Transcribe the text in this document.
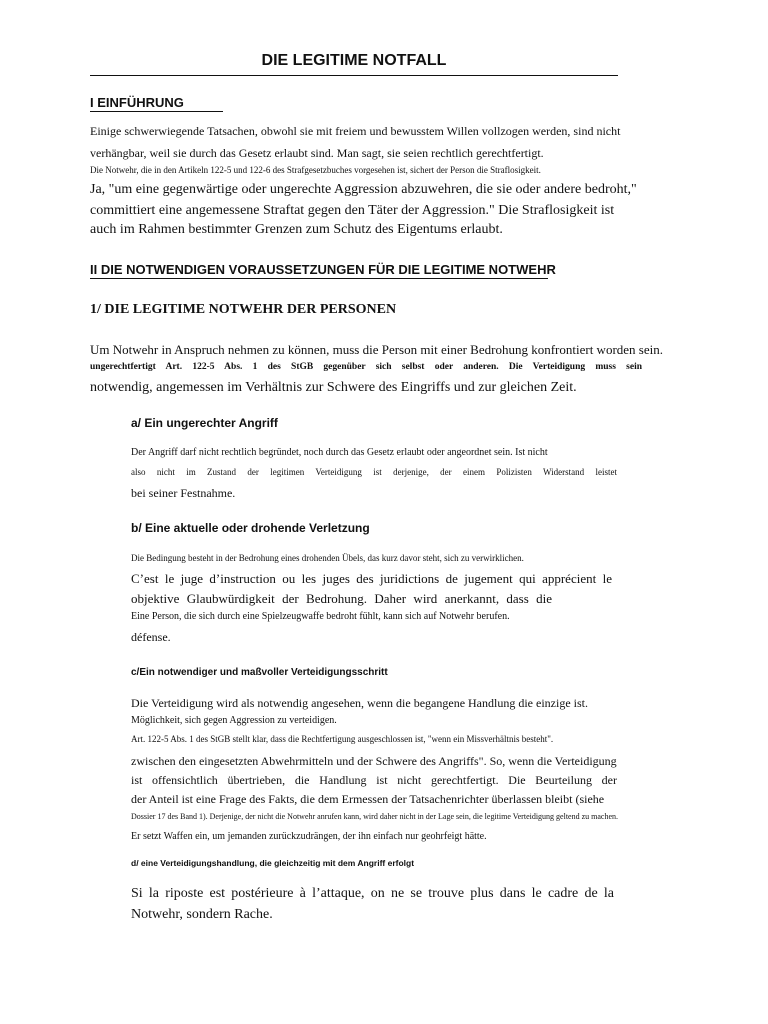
DIE LEGITIME NOTFALL
I EINFÜHRUNG
Einige schwerwiegende Tatsachen, obwohl sie mit freiem und bewusstem Willen vollzogen werden, sind nicht
verhängbar, weil sie durch das Gesetz erlaubt sind. Man sagt, sie seien rechtlich gerechtfertigt.
Die Notwehr, die in den Artikeln 122-5 und 122-6 des Strafgesetzbuches vorgesehen ist, sichert der Person die Straflosigkeit.
Ja, "um eine gegenwärtige oder ungerechte Aggression abzuwehren, die sie oder andere bedroht,"
committiert eine angemessene Straftat gegen den Täter der Aggression." Die Straflosigkeit ist
auch im Rahmen bestimmter Grenzen zum Schutz des Eigentums erlaubt.
II DIE NOTWENDIGEN VORAUSSETZUNGEN FÜR DIE LEGITIME NOTWEHR
1/ DIE LEGITIME NOTWEHR DER PERSONEN
Um Notwehr in Anspruch nehmen zu können, muss die Person mit einer Bedrohung konfrontiert worden sein.
ungerechtfertigt Art. 122-5 Abs. 1 des StGB gegenüber sich selbst oder anderen. Die Verteidigung muss sein
notwendig, angemessen im Verhältnis zur Schwere des Eingriffs und zur gleichen Zeit.
a/ Ein ungerechter Angriff
Der Angriff darf nicht rechtlich begründet, noch durch das Gesetz erlaubt oder angeordnet sein. Ist nicht
also nicht im Zustand der legitimen Verteidigung ist derjenige, der einem Polizisten Widerstand leistet
bei seiner Festnahme.
b/ Eine aktuelle oder drohende Verletzung
Die Bedingung besteht in der Bedrohung eines drohenden Übels, das kurz davor steht, sich zu verwirklichen.
C’est le juge d’instruction ou les juges des juridictions de jugement qui apprécient le
objektive Glaubwürdigkeit der Bedrohung. Daher wird anerkannt, dass die
Eine Person, die sich durch eine Spielzeugwaffe bedroht fühlt, kann sich auf Notwehr berufen.
défense.
c/Ein notwendiger und maßvoller Verteidigungsschritt
Die Verteidigung wird als notwendig angesehen, wenn die begangene Handlung die einzige ist.
Möglichkeit, sich gegen Aggression zu verteidigen.
Art. 122-5 Abs. 1 des StGB stellt klar, dass die Rechtfertigung ausgeschlossen ist, "wenn ein Missverhältnis besteht".
zwischen den eingesetzten Abwehrmitteln und der Schwere des Angriffs". So, wenn die Verteidigung
ist offensichtlich übertrieben, die Handlung ist nicht gerechtfertigt. Die Beurteilung der
der Anteil ist eine Frage des Fakts, die dem Ermessen der Tatsachenrichter überlassen bleibt (siehe
Dossier 17 des Band 1). Derjenige, der nicht die Notwehr anrufen kann, wird daher nicht in der Lage sein, die legitime Verteidigung geltend zu machen.
Er setzt Waffen ein, um jemanden zurückzudrängen, der ihn einfach nur geohrfeigt hätte.
d/ eine Verteidigungshandlung, die gleichzeitig mit dem Angriff erfolgt
Si la riposte est postérieure à l’attaque, on ne se trouve plus dans le cadre de la
Notwehr, sondern Rache.
